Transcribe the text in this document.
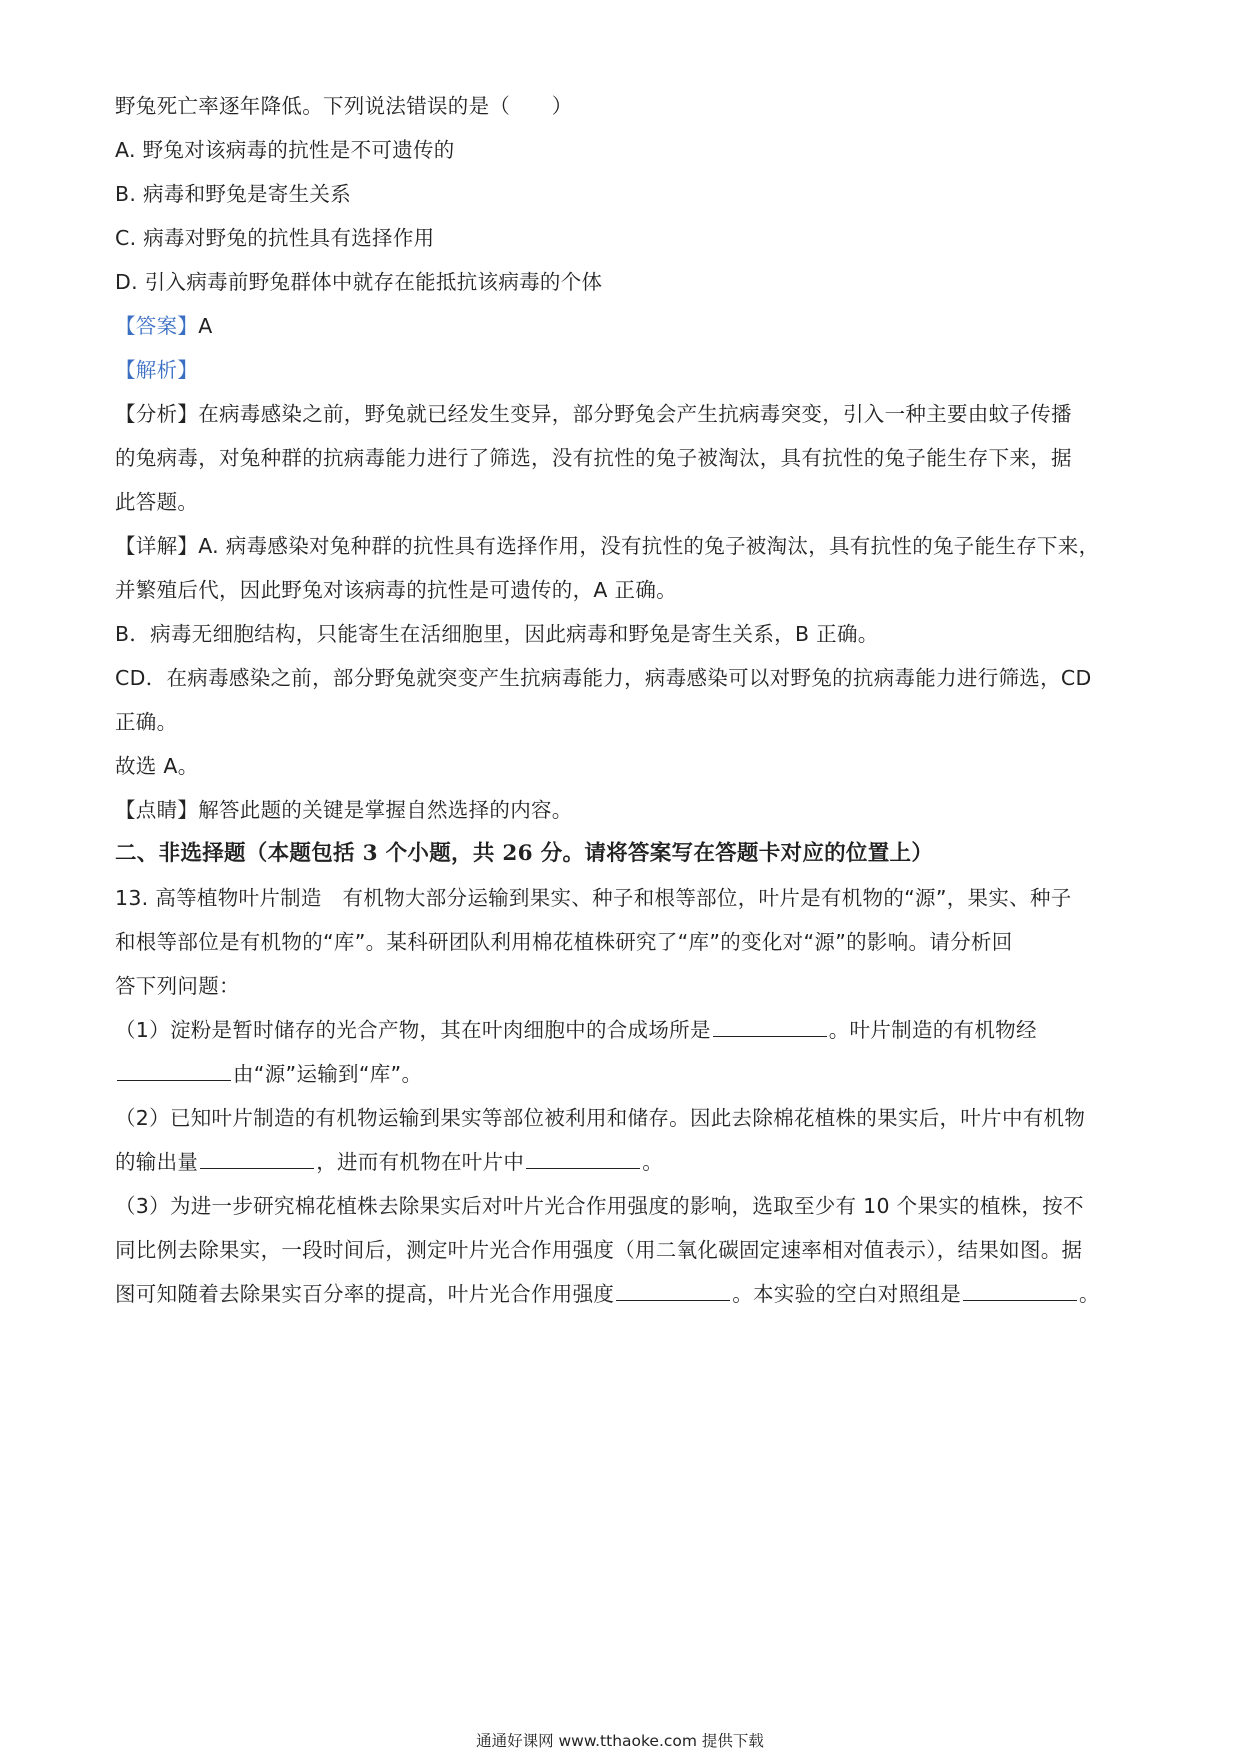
野兔死亡率逐年降低。下列说法错误的是（　　）
A. 野兔对该病毒的抗性是不可遗传的
B. 病毒和野兔是寄生关系
C. 病毒对野兔的抗性具有选择作用
D. 引入病毒前野兔群体中就存在能抵抗该病毒的个体
【答案】A
【解析】
【分析】在病毒感染之前，野兔就已经发生变异，部分野兔会产生抗病毒突变，引入一种主要由蚊子传播
的兔病毒，对兔种群的抗病毒能力进行了筛选，没有抗性的兔子被淘汰，具有抗性的兔子能生存下来，据
此答题。
【详解】A. 病毒感染对兔种群的抗性具有选择作用，没有抗性的兔子被淘汰，具有抗性的兔子能生存下来，
并繁殖后代，因此野兔对该病毒的抗性是可遗传的，A 正确。
B．病毒无细胞结构，只能寄生在活细胞里，因此病毒和野兔是寄生关系，B 正确。
CD．在病毒感染之前，部分野兔就突变产生抗病毒能力，病毒感染可以对野兔的抗病毒能力进行筛选，CD
正确。
故选 A。
【点睛】解答此题的关键是掌握自然选择的内容。
二、非选择题（本题包括 3 个小题，共 26 分。请将答案写在答题卡对应的位置上）
13. 高等植物叶片制造　有机物大部分运输到果实、种子和根等部位，叶片是有机物的“源”，果实、种子
和根等部位是有机物的“库”。某科研团队利用棉花植株研究了“库”的变化对“源”的影响。请分析回
答下列问题：
（1）淀粉是暂时储存的光合产物，其在叶肉细胞中的合成场所是	。叶片制造的有机物经
由“源”运输到“库”。
（2）已知叶片制造的有机物运输到果实等部位被利用和储存。因此去除棉花植株的果实后，叶片中有机物
的输出量	，进而有机物在叶片中	。
（3）为进一步研究棉花植株去除果实后对叶片光合作用强度的影响，选取至少有 10 个果实的植株，按不
同比例去除果实，一段时间后，测定叶片光合作用强度（用二氧化碳固定速率相对值表示），结果如图。据
图可知随着去除果实百分率的提高，叶片光合作用强度	。本实验的空白对照组是	。
通通好课网 www.tthaoke.com 提供下载
